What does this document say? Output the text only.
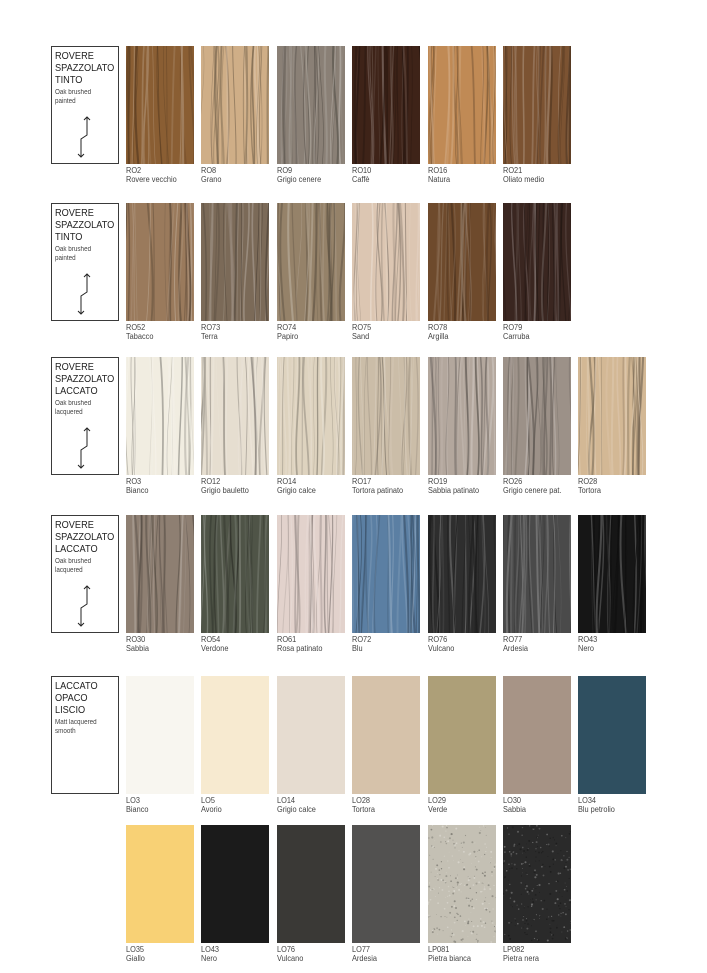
ROVERE
SPAZZOLATO
TINTO
Oak brushed
painted
ROVERE
SPAZZOLATO
TINTO
Oak brushed
painted
ROVERE
SPAZZOLATO
LACCATO
Oak brushed
lacquered
ROVERE
SPAZZOLATO
LACCATO
Oak brushed
lacquered
LACCATO
OPACO
LISCIO
Matt lacquered
smooth
RO2
Rovere vecchio
RO8
Grano
RO9
Grigio cenere
RO10
Caffè
RO16
Natura
RO21
Oliato medio
RO52
Tabacco
RO73
Terra
RO74
Papiro
RO75
Sand
RO78
Argilla
RO79
Carruba
RO3
Bianco
RO12
Grigio bauletto
RO14
Grigio calce
RO17
Tortora patinato
RO19
Sabbia patinato
RO26
Grigio cenere pat.
RO28
Tortora
RO30
Sabbia
RO54
Verdone
RO61
Rosa patinato
RO72
Blu
RO76
Vulcano
RO77
Ardesia
RO43
Nero
LO3
Bianco
LO5
Avorio
LO14
Grigio calce
LO28
Tortora
LO29
Verde
LO30
Sabbia
LO34
Blu petrolio
LO35
Giallo
LO43
Nero
LO76
Vulcano
LO77
Ardesia
LP081
Pietra bianca
LP082
Pietra nera
